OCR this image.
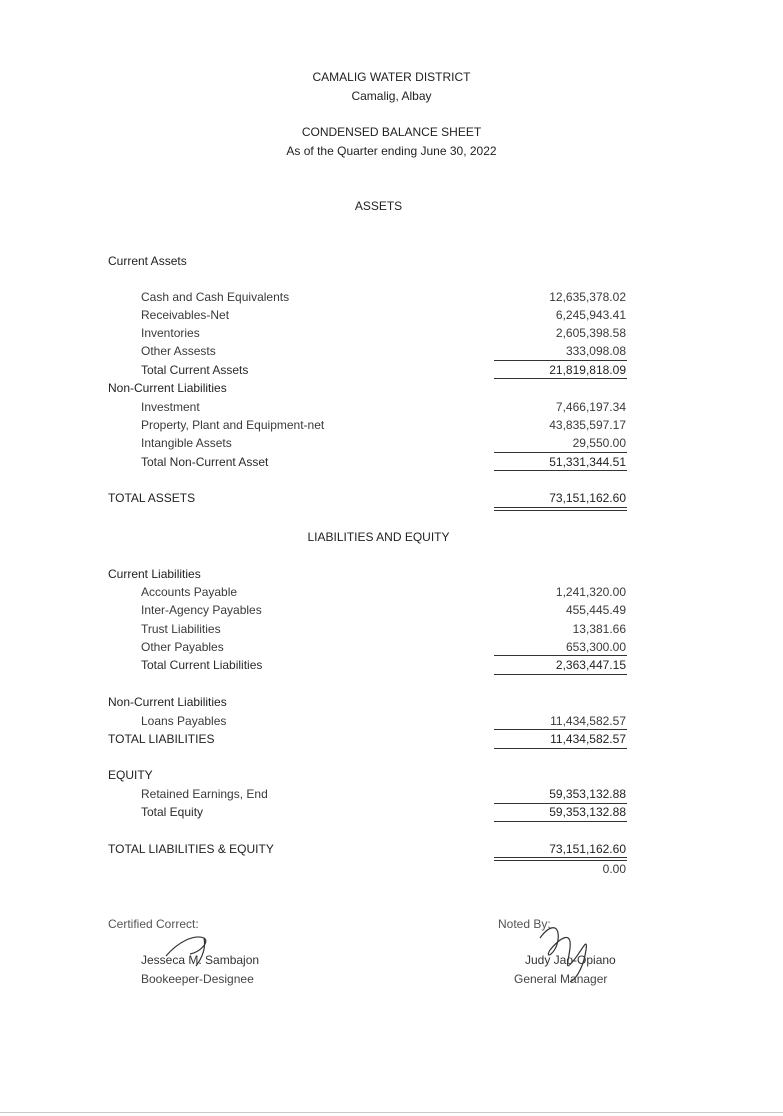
CAMALIG WATER DISTRICT
Camalig, Albay
CONDENSED BALANCE SHEET
As of the Quarter ending June 30, 2022
ASSETS
Current Assets
Cash and Cash Equivalents	12,635,378.02
Receivables-Net	6,245,943.41
Inventories	2,605,398.58
Other Assests	333,098.08
Total Current Assets	21,819,818.09
Non-Current Liabilities
Investment	7,466,197.34
Property, Plant and Equipment-net	43,835,597.17
Intangible Assets	29,550.00
Total Non-Current Asset	51,331,344.51
TOTAL ASSETS	73,151,162.60
LIABILITIES AND EQUITY
Current Liabilities
Accounts Payable	1,241,320.00
Inter-Agency Payables	455,445.49
Trust Liabilities	13,381.66
Other Payables	653,300.00
Total Current Liabilities	2,363,447.15
Non-Current Liabilities
Loans Payables	11,434,582.57
TOTAL LIABILITIES	11,434,582.57
EQUITY
Retained Earnings, End	59,353,132.88
Total Equity	59,353,132.88
TOTAL LIABILITIES & EQUITY	73,151,162.60
0.00
Certified Correct:
Jesseca M. Sambajon
Bookeeper-Designee
Noted By:
Judy Jao-Opiano
General Manager
